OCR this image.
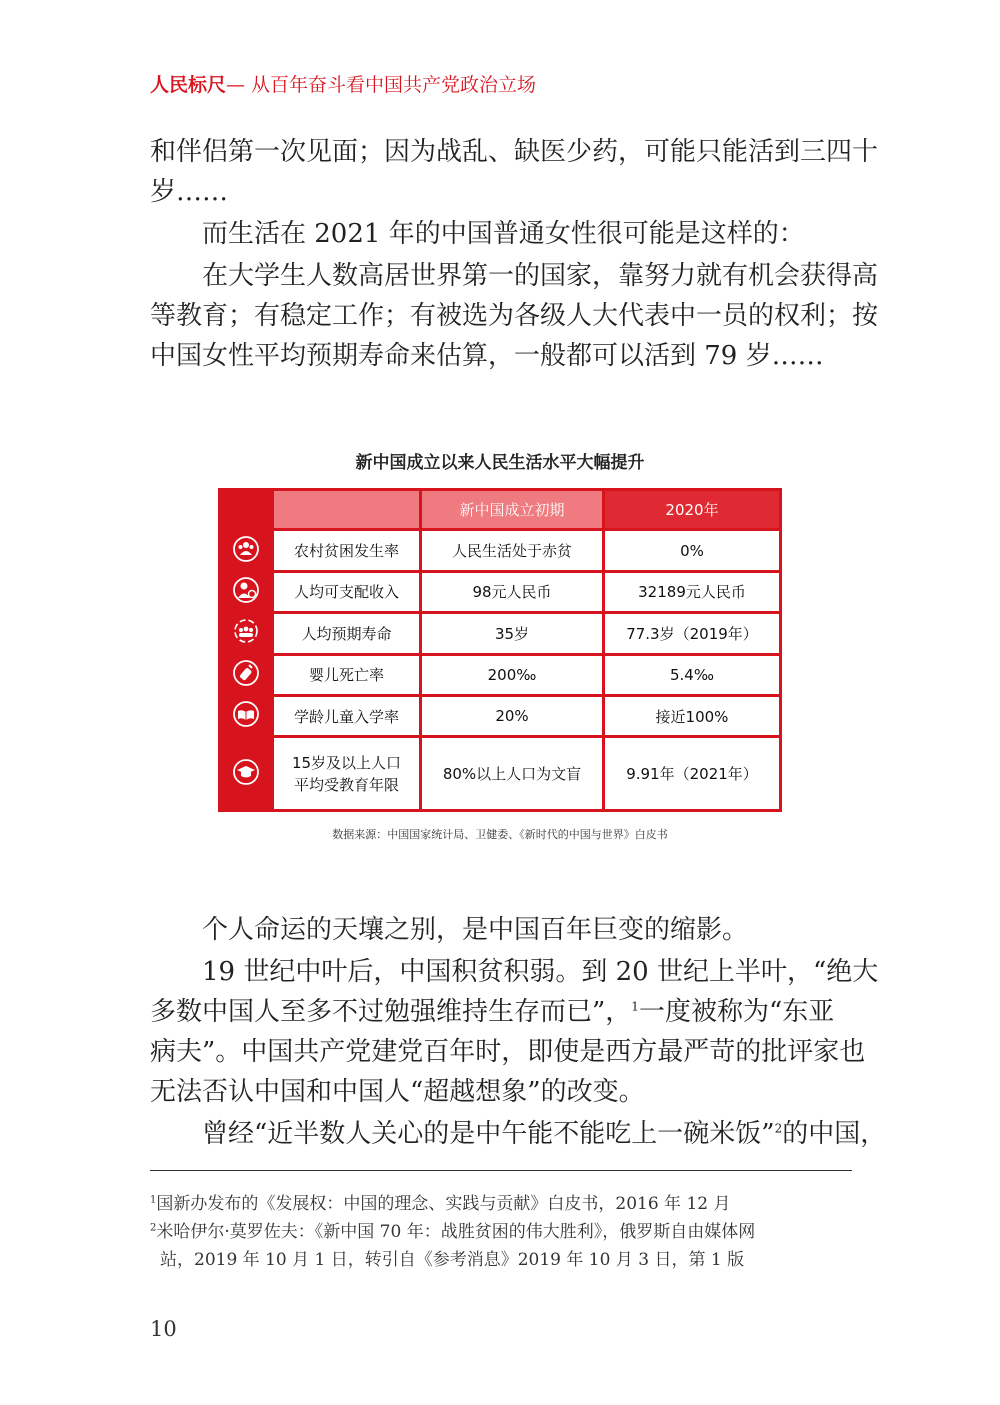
人民标尺— 从百年奋斗看中国共产党政治立场

和伴侣第一次见面；因为战乱、缺医少药，可能只能活到三四十

岁……

而生活在 2021 年的中国普通女性很可能是这样的：

在大学生人数高居世界第一的国家，靠努力就有机会获得高

等教育；有稳定工作；有被选为各级人大代表中一员的权利；按

中国女性平均预期寿命来估算，一般都可以活到 79 岁……

新中国成立以来人民生活水平大幅提升
		新中国成立初期	2020年
	农村贫困发生率	人民生活处于赤贫	0%
	人均可支配收入	98元人民币	32189元人民币
	人均预期寿命	35岁	77.3岁（2019年）
	婴儿死亡率	200‰	5.4‰
	学龄儿童入学率	20%	接近100%
	15岁及以上人口
平均受教育年限	80%以上人口为文盲	9.91年（2021年）
数据来源：中国国家统计局、卫健委、《新时代的中国与世界》白皮书

个人命运的天壤之别，是中国百年巨变的缩影。

19 世纪中叶后，中国积贫积弱。到 20 世纪上半叶，“绝大

多数中国人至多不过勉强维持生存而已”，$^1$一度被称为“东亚

病夫”。中国共产党建党百年时，即使是西方最严苛的批评家也

无法否认中国和中国人“超越想象”的改变。

曾经“近半数人关心的是中午能不能吃上一碗米饭”$^2$的中国，

$^1$国新办发布的《发展权：中国的理念、实践与贡献》白皮书，2016 年 12 月

$^2$米哈伊尔·莫罗佐夫：《新中国 70 年：战胜贫困的伟大胜利》，俄罗斯自由媒体网

站，2019 年 10 月 1 日，转引自《参考消息》2019 年 10 月 3 日，第 1 版

10
